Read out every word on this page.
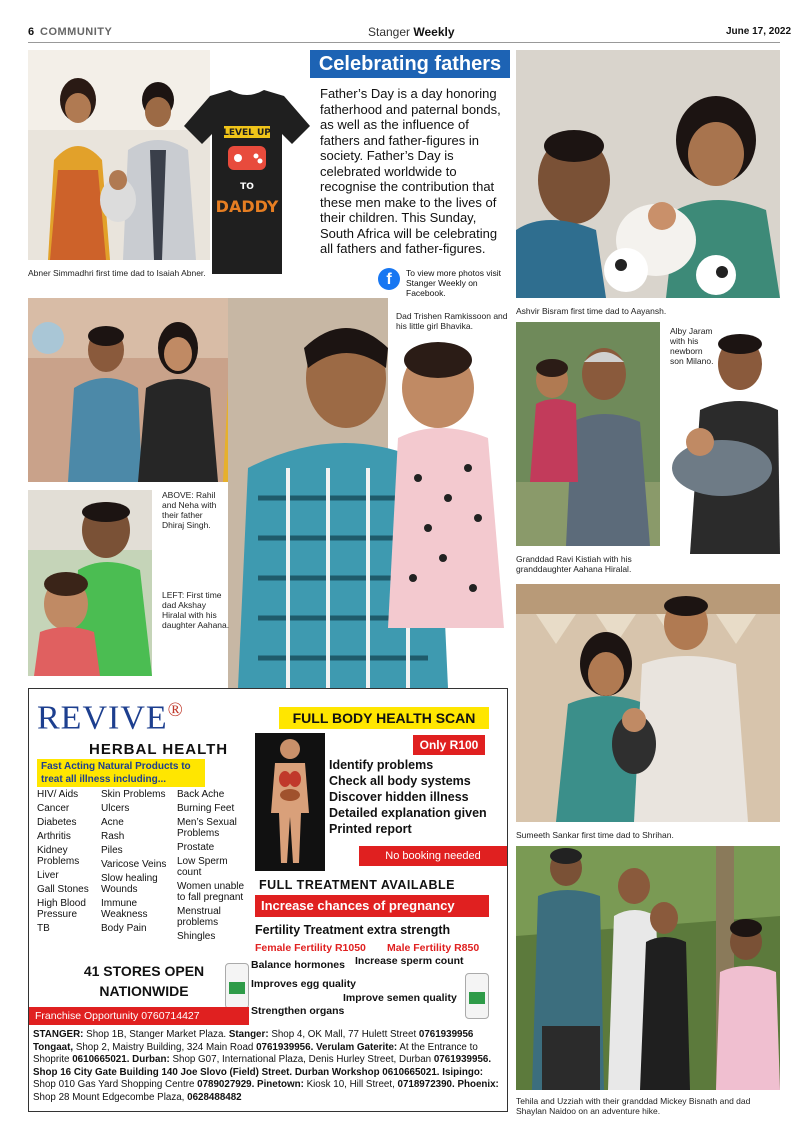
6 COMMUNITY	Stanger Weekly	June 17, 2022
LEVEL UP
TO
DADDY
Abner Simmadhri first time dad to Isaiah Abner.
Celebrating fathers
Father’s Day is a day honoring fatherhood and paternal bonds, as well as the influence of fathers and father-figures in society. Father’s Day is celebrated worldwide to recognise the contribution that these men make to the lives of their children. This Sunday, South Africa will be celebrating all fathers and father-figures.
f	To view more photos visit Stanger Weekly on Facebook.
Ashvir Bisram first time dad to Aayansh.
ABOVE: Rahil and Neha with their father Dhiraj Singh.
Dad Trishen Ramkissoon and his little girl Bhavika.	Alby Jaram with his newborn son Milano.
Granddad Ravi Kistiah with his granddaughter Aahana Hiralal.
LEFT: First time dad Akshay Hiralal with his daughter Aahana.
Sumeeth Sankar first time dad to Shrihan.
Tehila and Uzziah with their granddad Mickey Bisnath and dad Shaylan Naidoo on an adventure hike.
REVIVE®
HERBAL HEALTH
FULL BODY HEALTH SCAN
Fast Acting Natural Products to treat all illness including...
HIV/ Aids
Cancer
Diabetes
Arthritis
Kidney Problems
Liver
Gall Stones
High Blood Pressure
TB
Skin Problems
Ulcers
Acne
Rash
Piles
Varicose Veins
Slow healing Wounds
Immune Weakness
Body Pain
Back Ache
Burning Feet
Men’s Sexual Problems
Prostate
Low Sperm count
Women unable to fall pregnant
Menstrual problems
Shingles
Only R100
Identify problems
Check all body systems
Discover hidden illness
Detailed explanation given
Printed report
No booking needed
FULL TREATMENT AVAILABLE
Increase chances of pregnancy
Fertility Treatment extra strength
Female Fertility R1050 Male Fertility R850
Balance hormones Increase sperm count
Improves egg quality
Improve semen quality
Strengthen organs
41 STORES OPEN NATIONWIDE
Franchise Opportunity 0760714427
STANGER: Shop 1B, Stanger Market Plaza. Stanger: Shop 4, OK Mall, 77 Hulett Street 0761939956 Tongaat, Shop 2, Maistry Building, 324 Main Road 0761939956. Verulam Gaterite: At the Entrance to Shoprite 0610665021. Durban: Shop G07, International Plaza, Denis Hurley Street, Durban 0761939956. Shop 16 City Gate Building 140 Joe Slovo (Field) Street. Durban Workshop 0610665021. Isipingo: Shop 010 Gas Yard Shopping Centre 0789027929. Pinetown: Kiosk 10, Hill Street, 0718972390. Phoenix: Shop 28 Mount Edgecombe Plaza, 0628488482
